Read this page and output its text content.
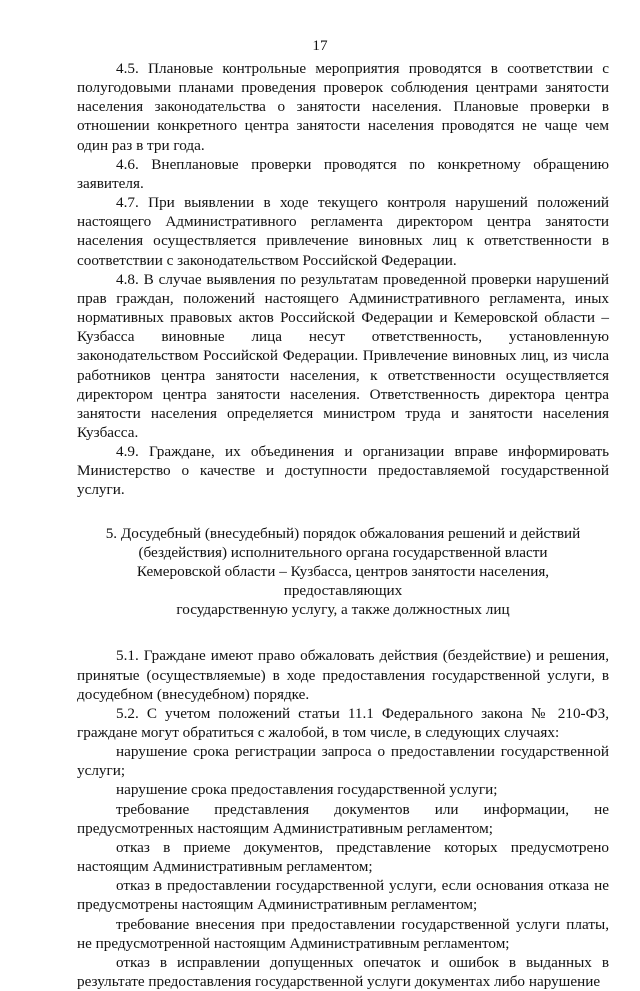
17

4.5. Плановые контрольные мероприятия проводятся в соответствии с полугодовыми планами проведения проверок соблюдения центрами занятости населения законодательства о занятости населения. Плановые проверки в отношении конкретного центра занятости населения проводятся не чаще чем один раз в три года.

4.6. Внеплановые проверки проводятся по конкретному обращению заявителя.

4.7. При выявлении в ходе текущего контроля нарушений положений настоящего Административного регламента директором центра занятости населения осуществляется привлечение виновных лиц к ответственности в соответствии с законодательством Российской Федерации.

4.8. В случае выявления по результатам проведенной проверки нарушений прав граждан, положений настоящего Административного регламента, иных нормативных правовых актов Российской Федерации и Кемеровской области – Кузбасса виновные лица несут ответственность, установленную законодательством Российской Федерации. Привлечение виновных лиц, из числа работников центра занятости населения, к ответственности осуществляется директором центра занятости населения. Ответственность директора центра занятости населения определяется министром труда и занятости населения Кузбасса.

4.9. Граждане, их объединения и организации вправе информировать Министерство о качестве и доступности предоставляемой государственной услуги.

5. Досудебный (внесудебный) порядок обжалования решений и действий
(бездействия) исполнительного органа государственной власти
Кемеровской области – Кузбасса, центров занятости населения, предоставляющих
государственную услугу, а также должностных лиц

5.1. Граждане имеют право обжаловать действия (бездействие) и решения, принятые (осуществляемые) в ходе предоставления государственной услуги, в досудебном (внесудебном) порядке.

5.2. С учетом положений статьи 11.1 Федерального закона № 210-ФЗ, граждане могут обратиться с жалобой, в том числе, в следующих случаях:

нарушение срока регистрации запроса о предоставлении государственной услуги;

нарушение срока предоставления государственной услуги;

требование представления документов или информации, не предусмотренных настоящим Административным регламентом;

отказ в приеме документов, представление которых предусмотрено настоящим Административным регламентом;

отказ в предоставлении государственной услуги, если основания отказа не предусмотрены настоящим Административным регламентом;

требование внесения при предоставлении государственной услуги платы, не предусмотренной настоящим Административным регламентом;

отказ в исправлении допущенных опечаток и ошибок в выданных в результате предоставления государственной услуги документах либо нарушение
